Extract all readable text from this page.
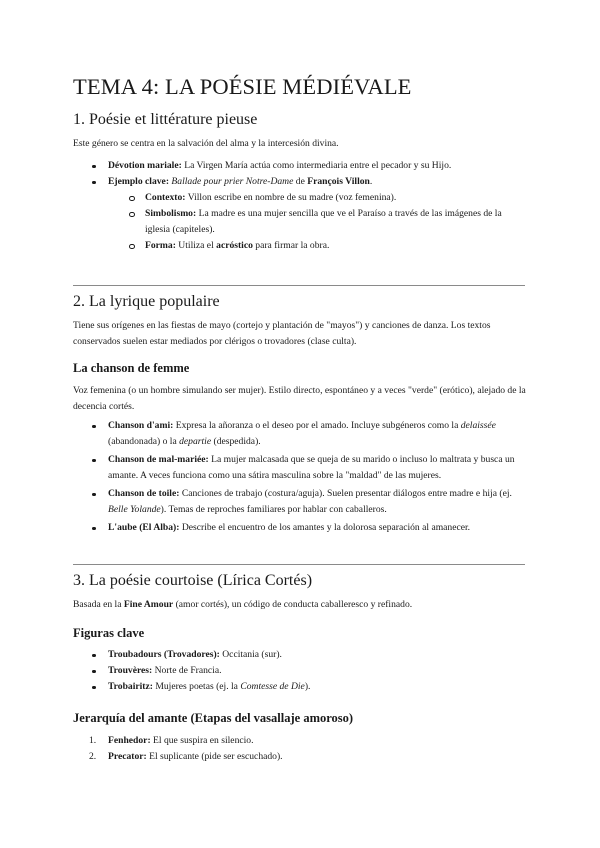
TEMA 4: LA POÉSIE MÉDIÉVALE
1. Poésie et littérature pieuse

Este género se centra en la salvación del alma y la intercesión divina.

Dévotion mariale: La Virgen María actúa como intermediaria entre el pecador y su Hijo.
Ejemplo clave: Ballade pour prier Notre-Dame de François Villon.
Contexto: Villon escribe en nombre de su madre (voz femenina).
Simbolismo: La madre es una mujer sencilla que ve el Paraíso a través de las imágenes de la iglesia (capiteles).
Forma: Utiliza el acróstico para firmar la obra.
2. La lyrique populaire

Tiene sus orígenes en las fiestas de mayo (cortejo y plantación de "mayos") y canciones de danza. Los textos conservados suelen estar mediados por clérigos o trovadores (clase culta).

La chanson de femme

Voz femenina (o un hombre simulando ser mujer). Estilo directo, espontáneo y a veces "verde" (erótico), alejado de la decencia cortés.

Chanson d'ami: Expresa la añoranza o el deseo por el amado. Incluye subgéneros como la delaissée (abandonada) o la departie (despedida).
Chanson de mal-mariée: La mujer malcasada que se queja de su marido o incluso lo maltrata y busca un amante. A veces funciona como una sátira masculina sobre la "maldad" de las mujeres.
Chanson de toile: Canciones de trabajo (costura/aguja). Suelen presentar diálogos entre madre e hija (ej. Belle Yolande). Temas de reproches familiares por hablar con caballeros.
L'aube (El Alba): Describe el encuentro de los amantes y la dolorosa separación al amanecer.
3. La poésie courtoise (Lírica Cortés)

Basada en la Fine Amour (amor cortés), un código de conducta caballeresco y refinado.

Figuras clave
Troubadours (Trovadores): Occitania (sur).
Trouvères: Norte de Francia.
Trobairitz: Mujeres poetas (ej. la Comtesse de Die).
Jerarquía del amante (Etapas del vasallaje amoroso)
1. Fenhedor: El que suspira en silencio.
2. Precator: El suplicante (pide ser escuchado).
